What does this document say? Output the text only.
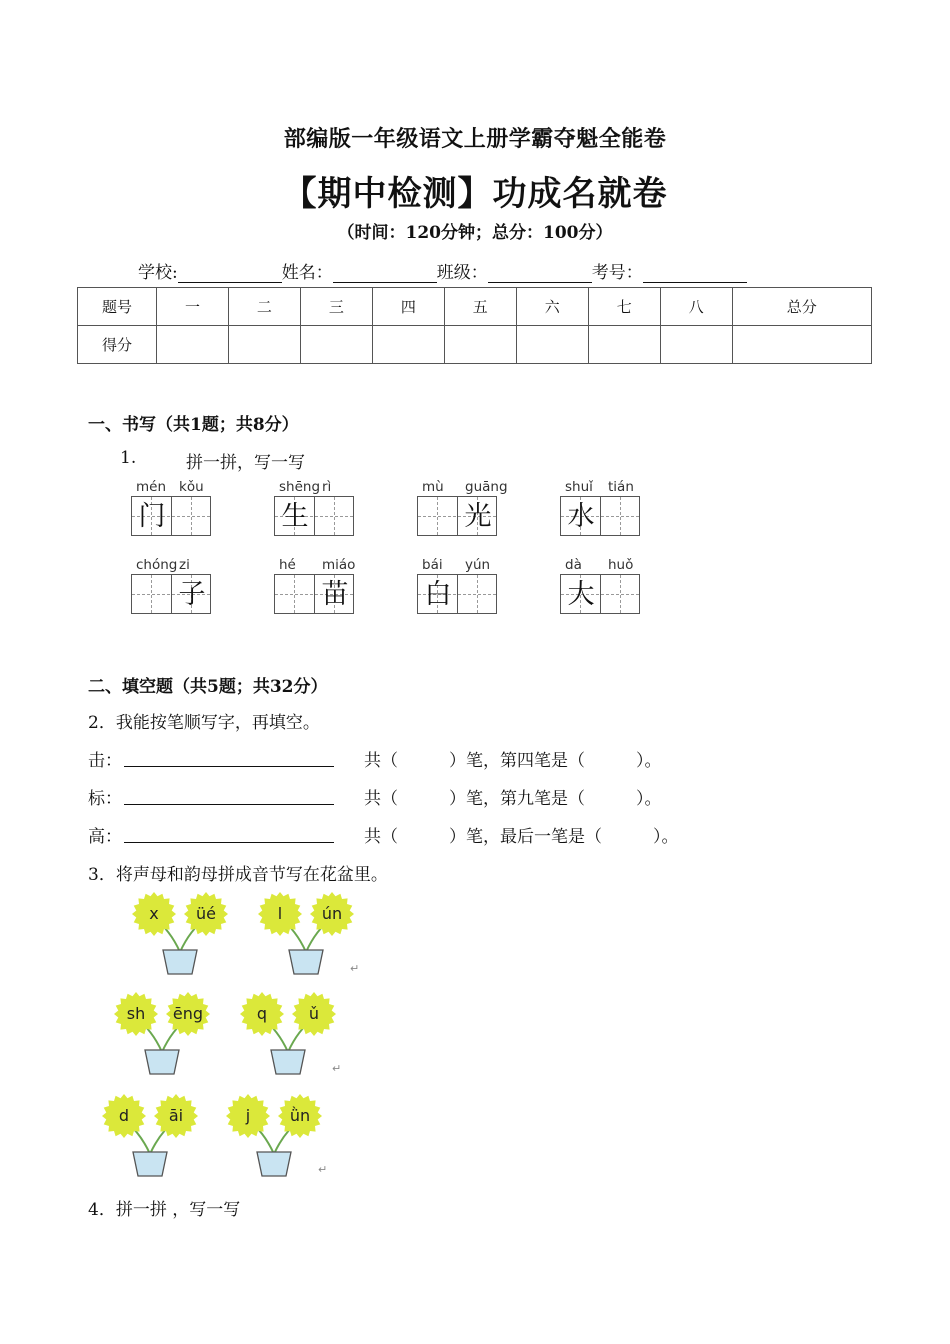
部编版一年级语文上册学霸夺魁全能卷
【期中检测】功成名就卷
（时间：120分钟；总分：100分）
学校:	姓名：	班级：	考号：
题号	一	二	三	四	五	六	七	八	总分
得分									
一、书写（共1题；共8分）
1.	拼一拼，写一写
mén kǒu
门
shēng rì
生
mù guāng
光
shuǐ tián
水
chóng zi
子
hé miáo
苗
bái yún
白
dà huǒ
大
二、填空题（共5题；共32分）
2．我能按笔顺写字，再填空。
击：	共（　　　）笔，第四笔是（　　　）。
标：	共（　　　）笔，第九笔是（　　　）。
高：	共（　　　）笔，最后一笔是（　　　）。
3．将声母和韵母拼成音节写在花盆里。
x	üé	l	ún
sh	ēng	q	ǔ
d	āi	j	ǜn
↵
↵
↵
4．拼一拼 ，写一写
